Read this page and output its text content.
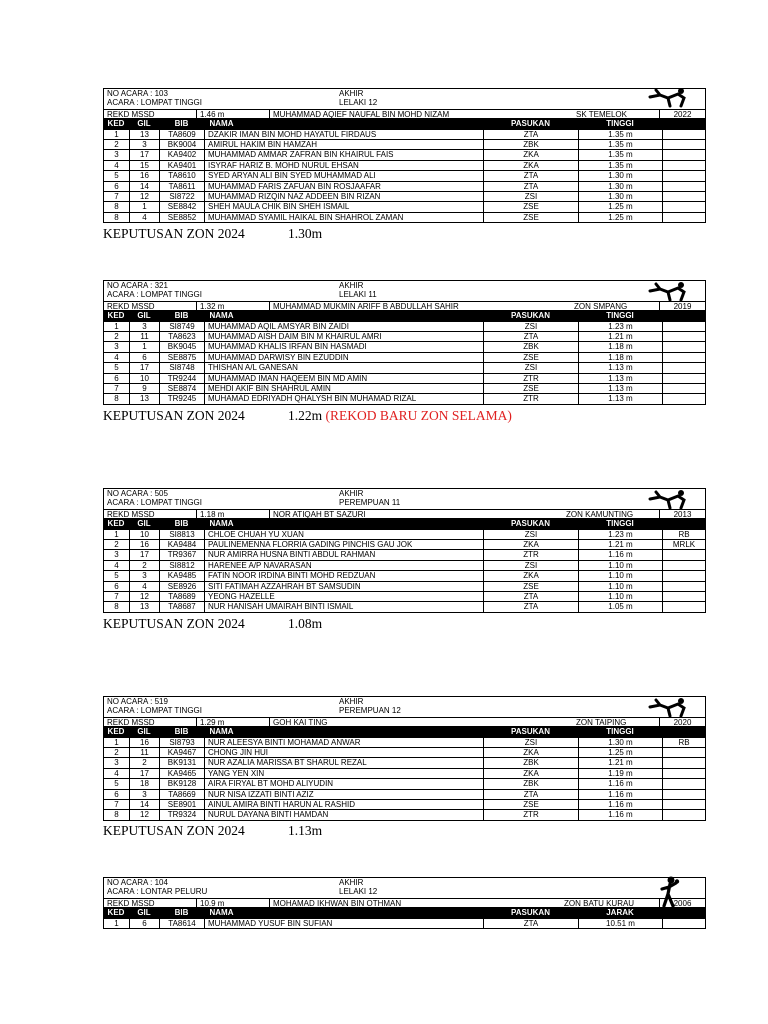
NO ACARA : 103	AKHIR
ACARA : LOMPAT TINGGI	LELAKI 12
REKD MSSD	1.46 m	MUHAMMAD AQIEF NAUFAL BIN MOHD NIZAM	SK TEMELOK	2022
KED	GIL	BIB	NAMA	PASUKAN	TINGGI
1	13	TA8609	DZAKIR IMAN BIN MOHD HAYATUL FIRDAUS	ZTA	1.35 m
2	3	BK9004	AMIRUL HAKIM BIN HAMZAH	ZBK	1.35 m
3	17	KA9402	MUHAMMAD AMMAR ZAFRAN BIN KHAIRUL FAIS	ZKA	1.35 m
4	15	KA9401	ISYRAF HARIZ B. MOHD NURUL EHSAN	ZKA	1.35 m
5	16	TA8610	SYED ARYAN ALI BIN SYED MUHAMMAD ALI	ZTA	1.30 m
6	14	TA8611	MUHAMMAD FARIS ZAFUAN BIN ROSJAAFAR	ZTA	1.30 m
7	12	SI8722	MUHAMMAD RIZQIN NAZ ADDEEN BIN RIZAN	ZSI	1.30 m
8	1	SE8842	SHEH MAULA CHIK BIN SHEH ISMAIL	ZSE	1.25 m
8	4	SE8852	MUHAMMAD SYAMIL HAIKAL BIN SHAHROL ZAMAN	ZSE	1.25 m
KEPUTUSAN ZON 2024	1.30m
NO ACARA : 321	AKHIR
ACARA : LOMPAT TINGGI	LELAKI 11
REKD MSSD	1.32 m	MUHAMMAD MUKMIN ARIFF B ABDULLAH SAHIR	ZON SMPANG	2019
KED	GIL	BIB	NAMA	PASUKAN	TINGGI
1	3	SI8749	MUHAMMAD AQIL AMSYAR BIN ZAIDI	ZSI	1.23 m
2	11	TA8623	MUHAMMAD AISH DAIM BIN M KHAIRUL AMRI	ZTA	1.21 m
3	1	BK9045	MUHAMMAD KHALIS IRFAN BIN HASMADI	ZBK	1.18 m
4	6	SE8875	MUHAMMAD DARWISY BIN EZUDDIN	ZSE	1.18 m
5	17	SI8748	THISHAN A/L GANESAN	ZSI	1.13 m
6	10	TR9244	MUHAMMAD IMAN HAQEEM BIN MD AMIN	ZTR	1.13 m
7	9	SE8874	MEHDI AKIF BIN SHAHRUL AMIN	ZSE	1.13 m
8	13	TR9245	MUHAMAD EDRIYADH QHALYSH BIN MUHAMAD RIZAL	ZTR	1.13 m
KEPUTUSAN ZON 2024	1.22m (REKOD BARU ZON SELAMA)
NO ACARA : 505	AKHIR
ACARA : LOMPAT TINGGI	PEREMPUAN 11
REKD MSSD	1.18 m	NOR ATIQAH BT SAZURI	ZON KAMUNTING	2013
KED	GIL	BIB	NAMA	PASUKAN	TINGGI
1	10	SI8813	CHLOE CHUAH YU XUAN	ZSI	1.23 m	RB
2	16	KA9484	PAULINEMENNA FLORRIA GADING PINCHIS GAU JOK	ZKA	1.21 m	MRLK
3	17	TR9367	NUR AMIRRA HUSNA BINTI ABDUL RAHMAN	ZTR	1.16 m
4	2	SI8812	HARENEE A/P NAVARASAN	ZSI	1.10 m
5	3	KA9485	FATIN NOOR IRDINA BINTI MOHD REDZUAN	ZKA	1.10 m
6	4	SE8926	SITI FATIMAH AZZAHRAH BT SAMSUDIN	ZSE	1.10 m
7	12	TA8689	YEONG HAZELLE	ZTA	1.10 m
8	13	TA8687	NUR HANISAH UMAIRAH BINTI ISMAIL	ZTA	1.05 m
KEPUTUSAN ZON 2024	1.08m
NO ACARA : 519	AKHIR
ACARA : LOMPAT TINGGI	PEREMPUAN 12
REKD MSSD	1.29 m	GOH KAI TING	ZON TAIPING	2020
KED	GIL	BIB	NAMA	PASUKAN	TINGGI
1	16	SI8793	NUR ALEESYA BINTI MOHAMAD ANWAR	ZSI	1.30 m	RB
2	11	KA9467	CHONG JIN HUI	ZKA	1.25 m
3	2	BK9131	NUR AZALIA MARISSA BT SHARUL REZAL	ZBK	1.21 m
4	17	KA9465	YANG YEN XIN	ZKA	1.19 m
5	18	BK9128	AIRA FIRYAL BT MOHD ALIYUDIN	ZBK	1.16 m
6	3	TA8669	NUR NISA IZZATI BINTI AZIZ	ZTA	1.16 m
7	14	SE8901	AINUL AMIRA BINTI HARUN AL RASHID	ZSE	1.16 m
8	12	TR9324	NURUL DAYANA BINTI HAMDAN	ZTR	1.16 m
KEPUTUSAN ZON 2024	1.13m
NO ACARA : 104	AKHIR
ACARA : LONTAR PELURU	LELAKI 12
REKD MSSD	10.9 m	MOHAMAD IKHWAN BIN OTHMAN	ZON BATU KURAU	2006
KED	GIL	BIB	NAMA	PASUKAN	JARAK
1	6	TA8614	MUHAMMAD YUSUF BIN SUFIAN	ZTA	10.51 m
